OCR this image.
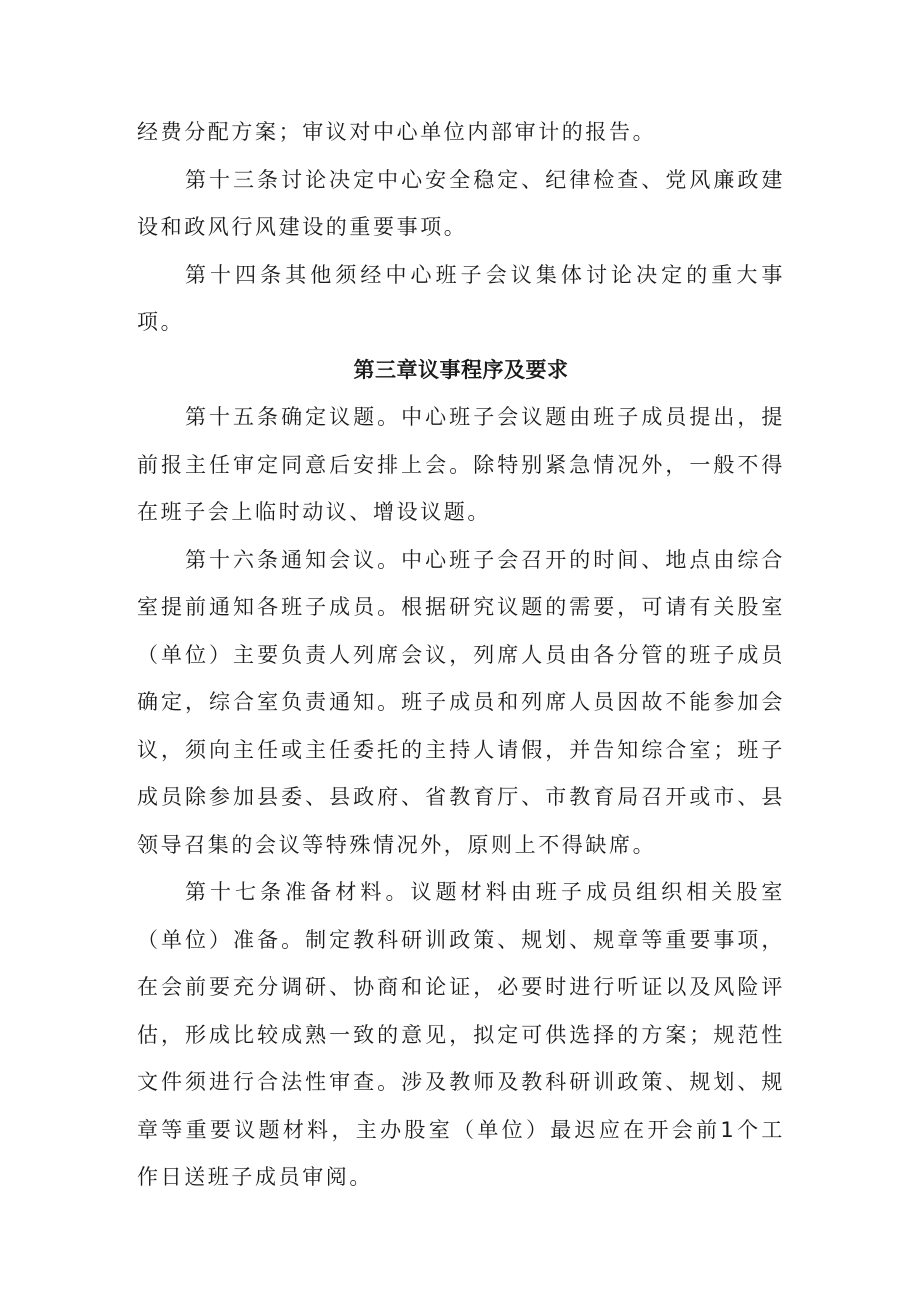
经费分配方案；审议对中心单位内部审计的报告。

第十三条讨论决定中心安全稳定、纪律检查、党风廉政建设和政风行风建设的重要事项。

第十四条其他须经中心班子会议集体讨论决定的重大事项。

第三章议事程序及要求

第十五条确定议题。中心班子会议题由班子成员提出，提前报主任审定同意后安排上会。除特别紧急情况外，一般不得在班子会上临时动议、增设议题。

第十六条通知会议。中心班子会召开的时间、地点由综合室提前通知各班子成员。根据研究议题的需要，可请有关股室（单位）主要负责人列席会议，列席人员由各分管的班子成员确定，综合室负责通知。班子成员和列席人员因故不能参加会议，须向主任或主任委托的主持人请假，并告知综合室；班子成员除参加县委、县政府、省教育厅、市教育局召开或市、县领导召集的会议等特殊情况外，原则上不得缺席。

第十七条准备材料。议题材料由班子成员组织相关股室（单位）准备。制定教科研训政策、规划、规章等重要事项，在会前要充分调研、协商和论证，必要时进行听证以及风险评估，形成比较成熟一致的意见，拟定可供选择的方案；规范性文件须进行合法性审查。涉及教师及教科研训政策、规划、规章等重要议题材料，主办股室（单位）最迟应在开会前1个工作日送班子成员审阅。
